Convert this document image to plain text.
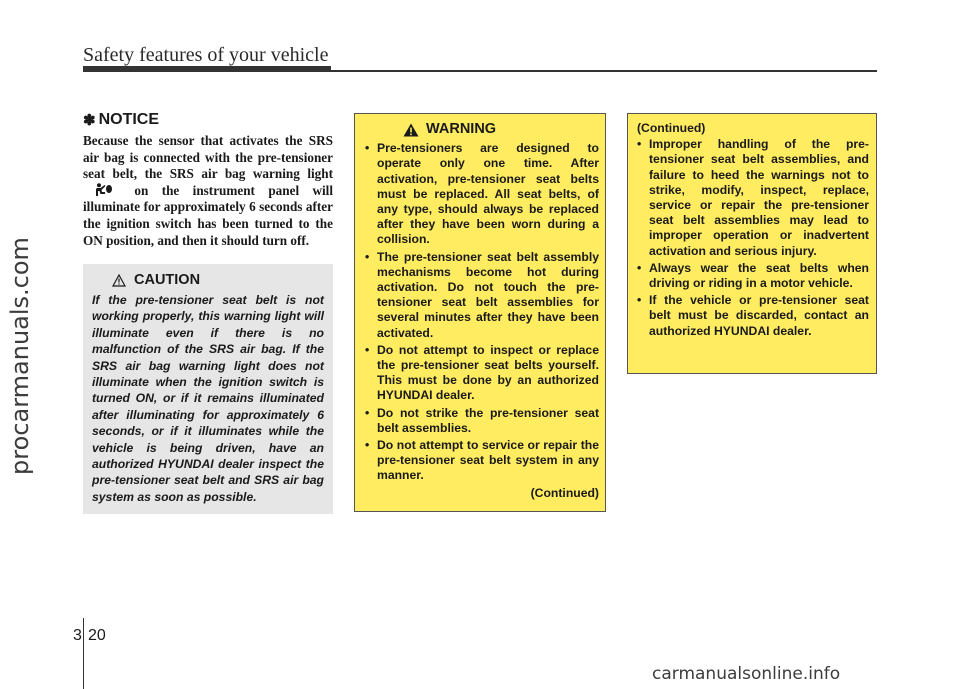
procarmanuals.com
Safety features of your vehicle
✽ NOTICE

Because the sensor that activates the SRS air bag is connected with the pre-tensioner seat belt, the SRS air bag warning light  on the instrument panel will illuminate for approximately 6 seconds after the ignition switch has been turned to the ON position, and then it should turn off.

CAUTION

If the pre-tensioner seat belt is not working properly, this warning light will illuminate even if there is no malfunction of the SRS air bag. If the SRS air bag warning light does not illuminate when the ignition switch is turned ON, or if it remains illuminated after illuminating for approximately 6 seconds, or if it illuminates while the vehicle is being driven, have an authorized HYUNDAI dealer inspect the pre-tensioner seat belt and SRS air bag system as soon as possible.

WARNING
• Pre-tensioners are designed to operate only one time. After activation, pre-tensioner seat belts must be replaced. All seat belts, of any type, should always be replaced after they have been worn during a collision.
• The pre-tensioner seat belt assembly mechanisms become hot during activation. Do not touch the pre-tensioner seat belt assemblies for several minutes after they have been activated.
• Do not attempt to inspect or replace the pre-tensioner seat belts yourself. This must be done by an authorized HYUNDAI dealer.
• Do not strike the pre-tensioner seat belt assemblies.
• Do not attempt to service or repair the pre-tensioner seat belt system in any manner.
(Continued)
(Continued)
• Improper handling of the pre-tensioner seat belt assemblies, and failure to heed the warnings not to strike, modify, inspect, replace, service or repair the pre-tensioner seat belt assemblies may lead to improper operation or inadvertent activation and serious injury.
• Always wear the seat belts when driving or riding in a motor vehicle.
• If the vehicle or pre-tensioner seat belt must be discarded, contact an authorized HYUNDAI dealer.
3 20
carmanualsonline.info
